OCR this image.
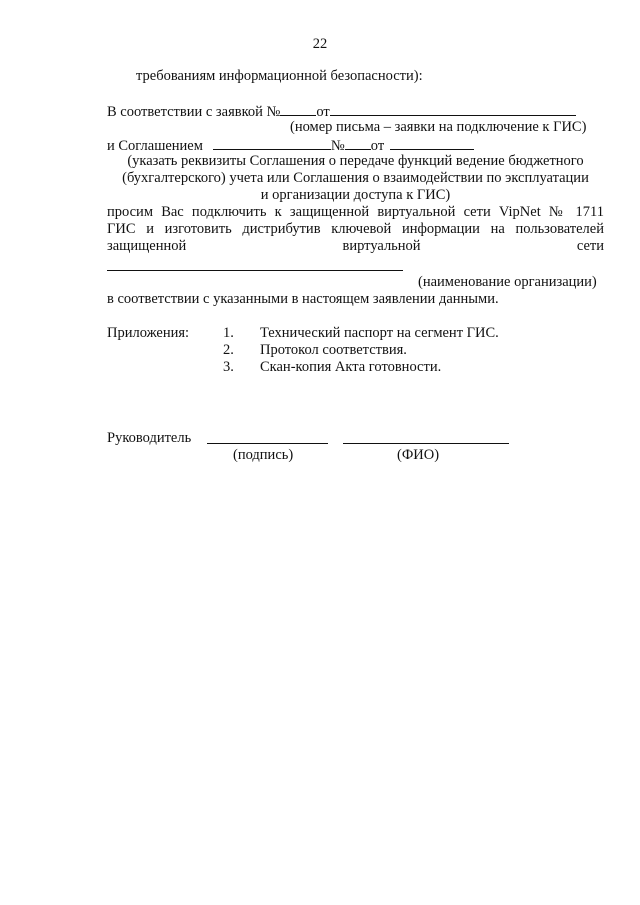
22
требованиям информационной безопасности):
В соответствии с заявкой № от
(номер письма – заявки на подключение к ГИС)
и Соглашением	№ от
(указать реквизиты Соглашения о передаче функций ведение бюджетного
(бухгалтерского) учета или Соглашения о взаимодействии по эксплуатации
и организации доступа к ГИС)
просим Вас подключить к защищенной виртуальной сети VipNet № 1711
ГИС и изготовить дистрибутив ключевой информации на пользователей
защищенной виртуальной сети
(наименование организации)
в соответствии с указанными в настоящем заявлении данными.
Приложения: 1. Технический паспорт на сегмент ГИС.
2. Протокол соответствия.
3. Скан-копия Акта готовности.
Руководитель
(подпись)	(ФИО)
